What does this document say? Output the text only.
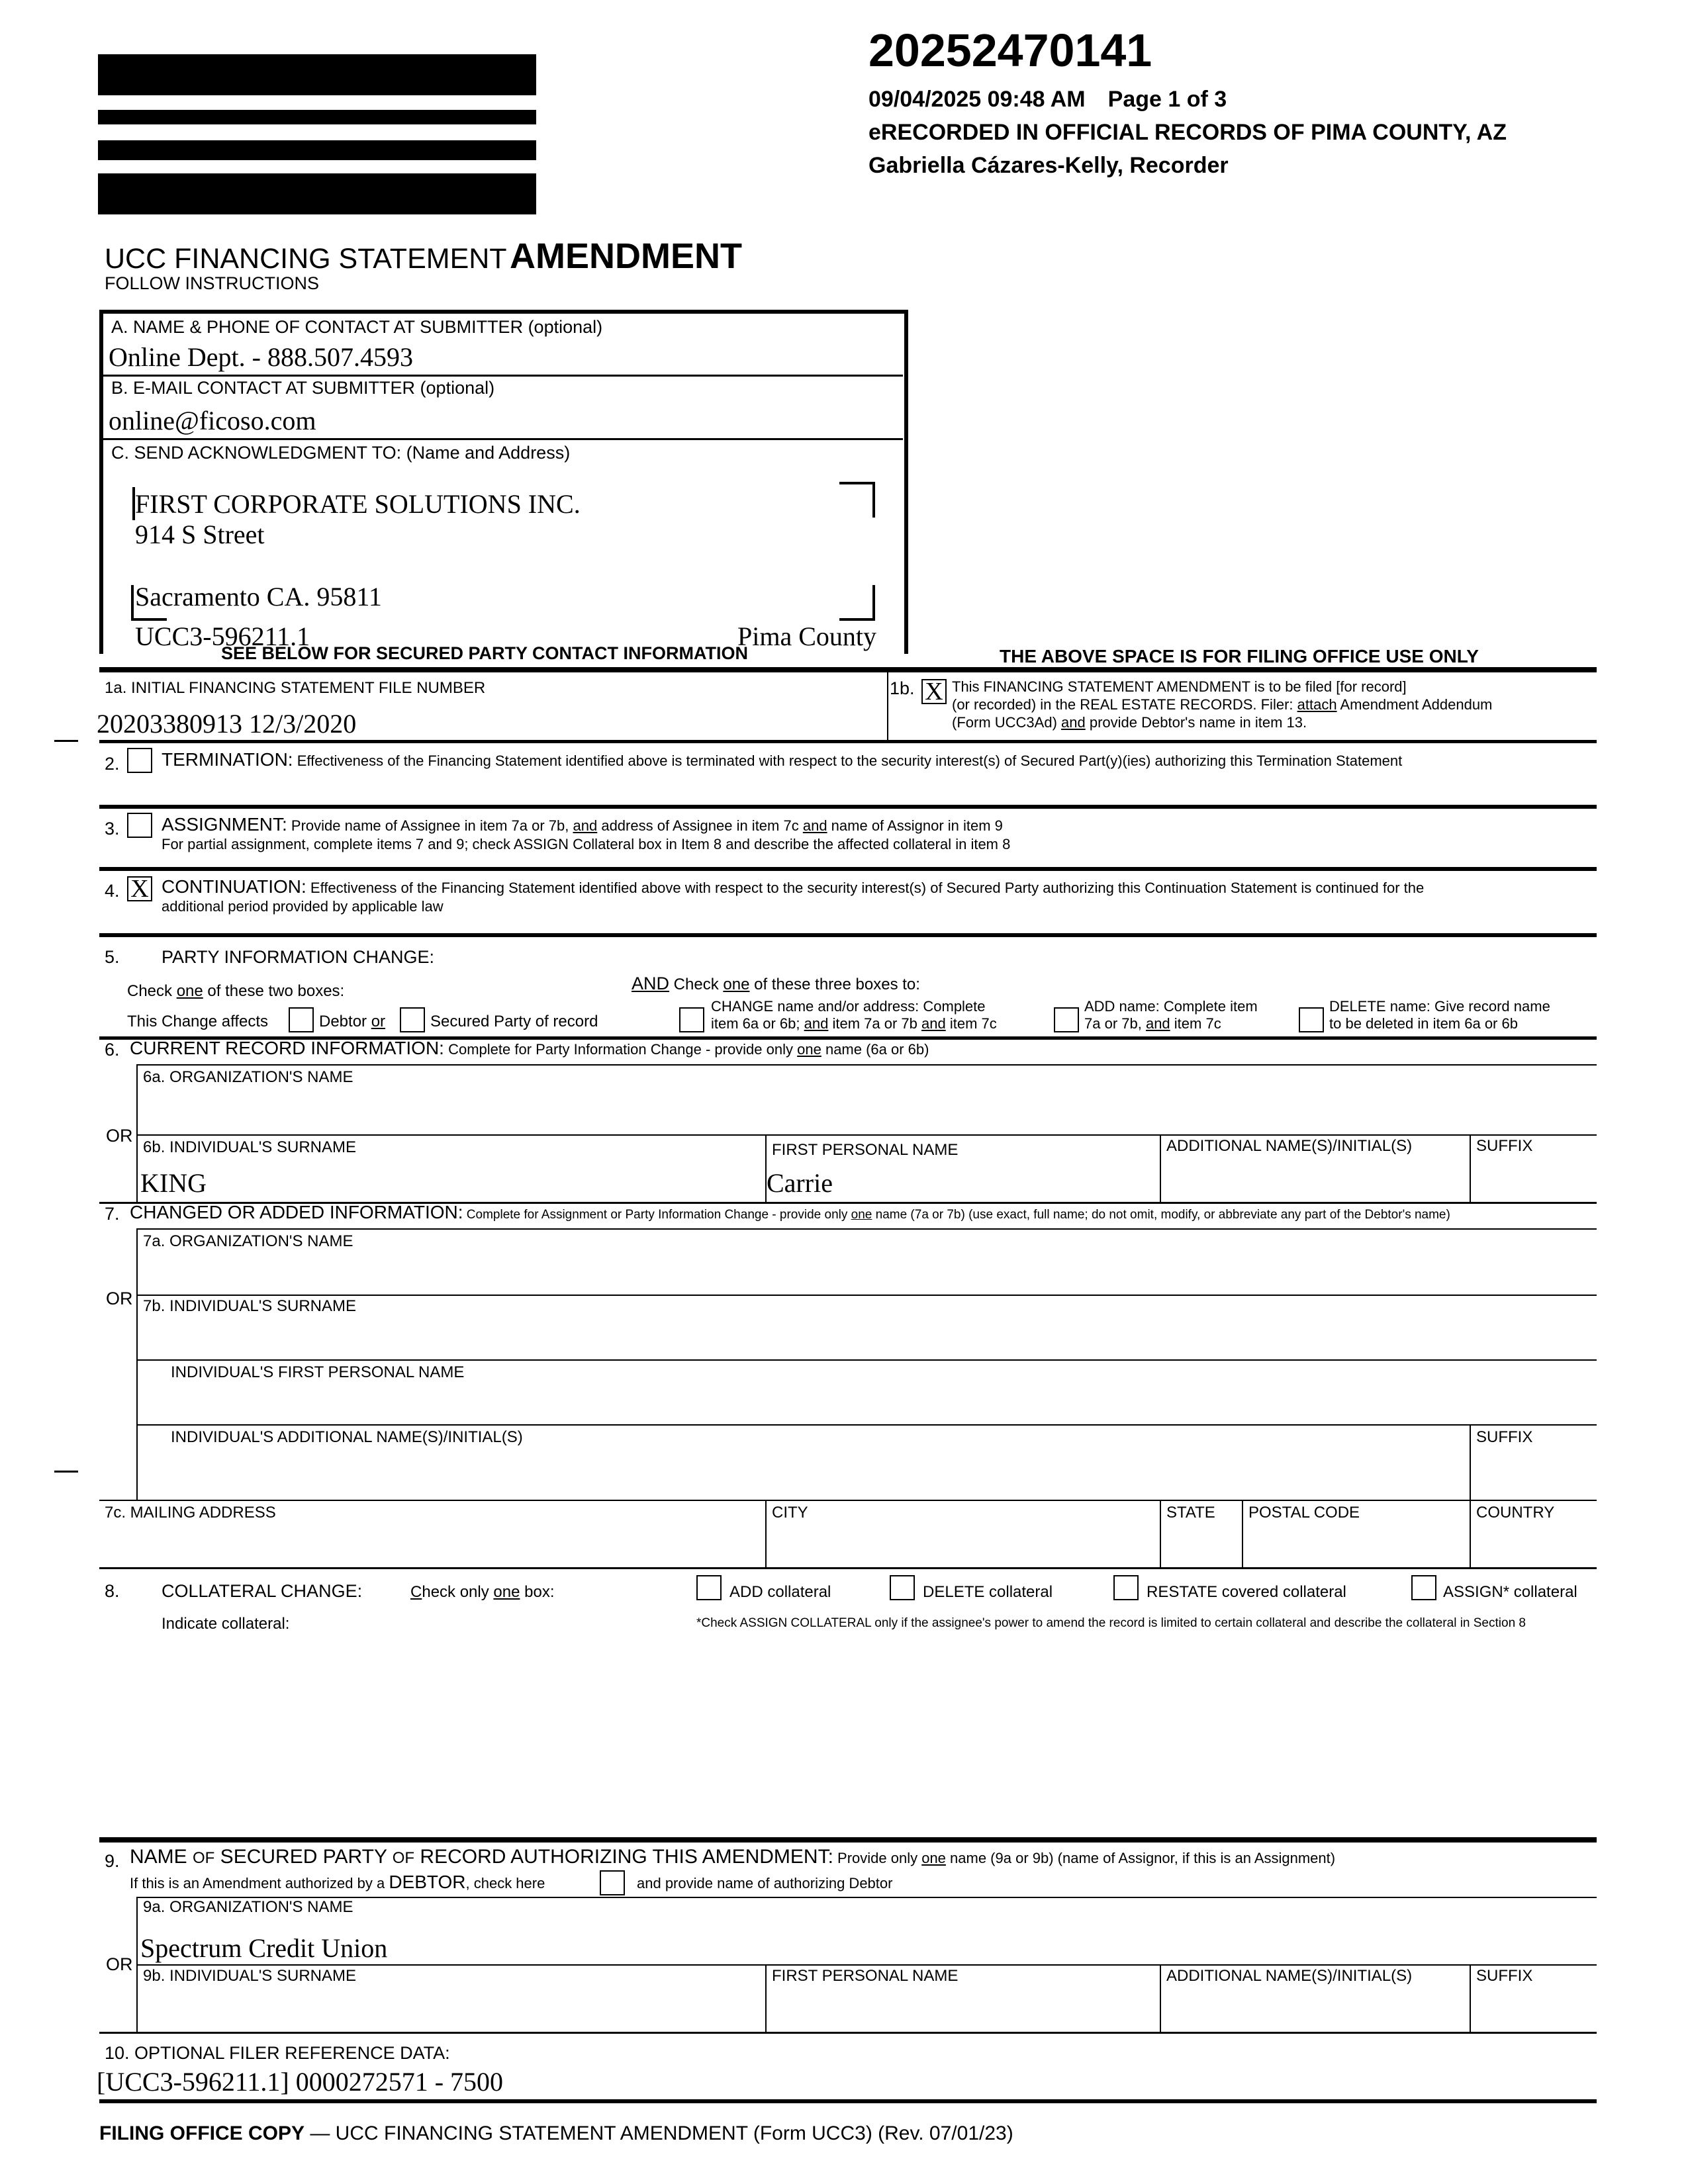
20252470141
09/04/2025 09:48 AM Page 1 of 3
eRECORDED IN OFFICIAL RECORDS OF PIMA COUNTY, AZ
Gabriella Cázares-Kelly, Recorder
UCC FINANCING STATEMENT AMENDMENT
FOLLOW INSTRUCTIONS
A. NAME & PHONE OF CONTACT AT SUBMITTER (optional)
Online Dept. - 888.507.4593
B. E-MAIL CONTACT AT SUBMITTER (optional)
online@ficoso.com
C. SEND ACKNOWLEDGMENT TO: (Name and Address)
FIRST CORPORATE SOLUTIONS INC.
914 S Street
Sacramento CA. 95811
UCC3-596211.1	Pima County
SEE BELOW FOR SECURED PARTY CONTACT INFORMATION	THE ABOVE SPACE IS FOR FILING OFFICE USE ONLY
1a. INITIAL FINANCING STATEMENT FILE NUMBER
20203380913 12/3/2020
1b. X This FINANCING STATEMENT AMENDMENT is to be filed [for record]
(or recorded) in the REAL ESTATE RECORDS. Filer: attach Amendment Addendum
(Form UCC3Ad) and provide Debtor's name in item 13.
2. TERMINATION: Effectiveness of the Financing Statement identified above is terminated with respect to the security interest(s) of Secured Part(y)(ies) authorizing this Termination Statement
3. ASSIGNMENT: Provide name of Assignee in item 7a or 7b, and address of Assignee in item 7c and name of Assignor in item 9
For partial assignment, complete items 7 and 9; check ASSIGN Collateral box in Item 8 and describe the affected collateral in item 8
4. X CONTINUATION: Effectiveness of the Financing Statement identified above with respect to the security interest(s) of Secured Party authorizing this Continuation Statement is continued for the
additional period provided by applicable law
5. PARTY INFORMATION CHANGE:
Check one of these two boxes:	AND Check one of these three boxes to:
This Change affects	Debtor or	Secured Party of record
CHANGE name and/or address: Complete
item 6a or 6b; and item 7a or 7b and item 7c
ADD name: Complete item
7a or 7b, and item 7c
DELETE name: Give record name
to be deleted in item 6a or 6b
6. CURRENT RECORD INFORMATION: Complete for Party Information Change - provide only one name (6a or 6b)
6a. ORGANIZATION'S NAME
OR
6b. INDIVIDUAL'S SURNAME
KING
FIRST PERSONAL NAME
Carrie
ADDITIONAL NAME(S)/INITIAL(S)	SUFFIX
7. CHANGED OR ADDED INFORMATION: Complete for Assignment or Party Information Change - provide only one name (7a or 7b) (use exact, full name; do not omit, modify, or abbreviate any part of the Debtor's name)
7a. ORGANIZATION'S NAME
OR 7b. INDIVIDUAL'S SURNAME
INDIVIDUAL'S FIRST PERSONAL NAME
INDIVIDUAL'S ADDITIONAL NAME(S)/INITIAL(S)	SUFFIX
7c. MAILING ADDRESS	CITY	STATE POSTAL CODE	COUNTRY
8. COLLATERAL CHANGE:	Check only one box:	ADD collateral	DELETE collateral	RESTATE covered collateral	ASSIGN* collateral
Indicate collateral:	*Check ASSIGN COLLATERAL only if the assignee's power to amend the record is limited to certain collateral and describe the collateral in Section 8
9. NAME OF SECURED PARTY OF RECORD AUTHORIZING THIS AMENDMENT: Provide only one name (9a or 9b) (name of Assignor, if this is an Assignment)
If this is an Amendment authorized by a DEBTOR, check here	and provide name of authorizing Debtor
9a. ORGANIZATION'S NAME
Spectrum Credit Union
OR
9b. INDIVIDUAL'S SURNAME	FIRST PERSONAL NAME	ADDITIONAL NAME(S)/INITIAL(S)	SUFFIX
10. OPTIONAL FILER REFERENCE DATA:
[UCC3-596211.1] 0000272571 - 7500
FILING OFFICE COPY — UCC FINANCING STATEMENT AMENDMENT (Form UCC3) (Rev. 07/01/23)
